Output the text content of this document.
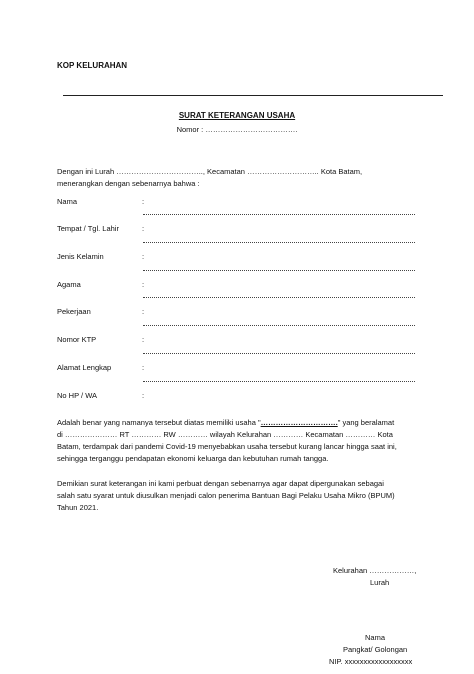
KOP KELURAHAN
SURAT KETERANGAN USAHA
Nomor : ……………………………….
Dengan ini Lurah …………………………….., Kecamatan ……………………….. Kota Batam,
menerangkan dengan sebenarnya bahwa :
Nama	:
Tempat / Tgl. Lahir	:
Jenis Kelamin	:
Agama	:
Pekerjaan	:
Nomor KTP	:
Alamat Lengkap	:
No HP / WA	:
Adalah benar yang namanya tersebut diatas memiliki usaha "…………………………." yang beralamat
di ………………… RT ………… RW ………… wilayah Kelurahan ………… Kecamatan ………… Kota
Batam, terdampak dari pandemi Covid-19 menyebabkan usaha tersebut kurang lancar hingga saat ini,
sehingga terganggu pendapatan ekonomi keluarga dan kebutuhan rumah tangga.
Demikian surat keterangan ini kami perbuat dengan sebenarnya agar dapat dipergunakan sebagai
salah satu syarat untuk diusulkan menjadi calon penerima Bantuan Bagi Pelaku Usaha Mikro (BPUM)
Tahun 2021.
Kelurahan ………………,
Lurah
Nama
Pangkat/ Golongan
NIP. xxxxxxxxxxxxxxxxxx
